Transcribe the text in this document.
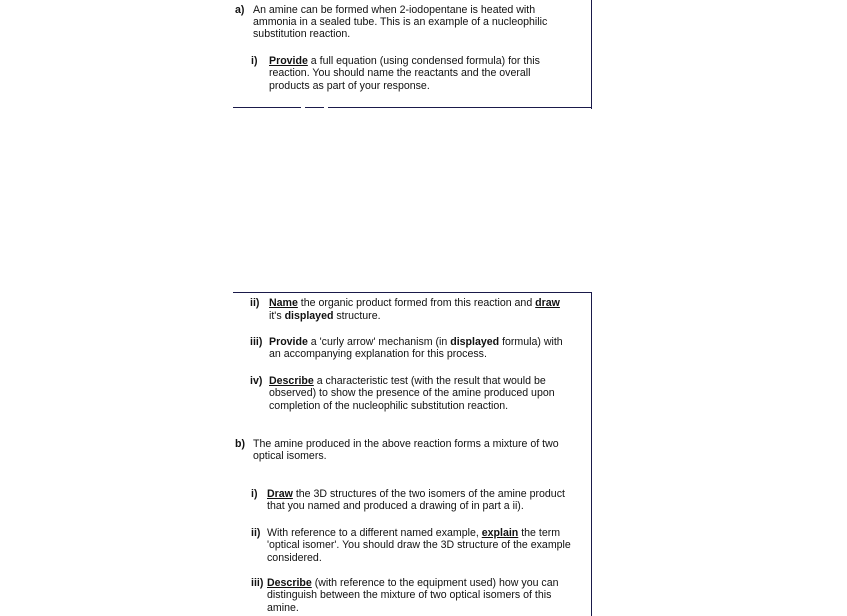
a) An amine can be formed when 2-iodopentane is heated with
ammonia in a sealed tube. This is an example of a nucleophilic
substitution reaction.
i) Provide a full equation (using condensed formula) for this
reaction. You should name the reactants and the overall
products as part of your response.
ii) Name the organic product formed from this reaction and draw
it's displayed structure.
iii) Provide a 'curly arrow' mechanism (in displayed formula) with
an accompanying explanation for this process.
iv) Describe a characteristic test (with the result that would be
observed) to show the presence of the amine produced upon
completion of the nucleophilic substitution reaction.
b) The amine produced in the above reaction forms a mixture of two
optical isomers.
i) Draw the 3D structures of the two isomers of the amine product
that you named and produced a drawing of in part a ii).
ii) With reference to a different named example, explain the term
'optical isomer'. You should draw the 3D structure of the example
considered.
iii) Describe (with reference to the equipment used) how you can
distinguish between the mixture of two optical isomers of this
amine.
